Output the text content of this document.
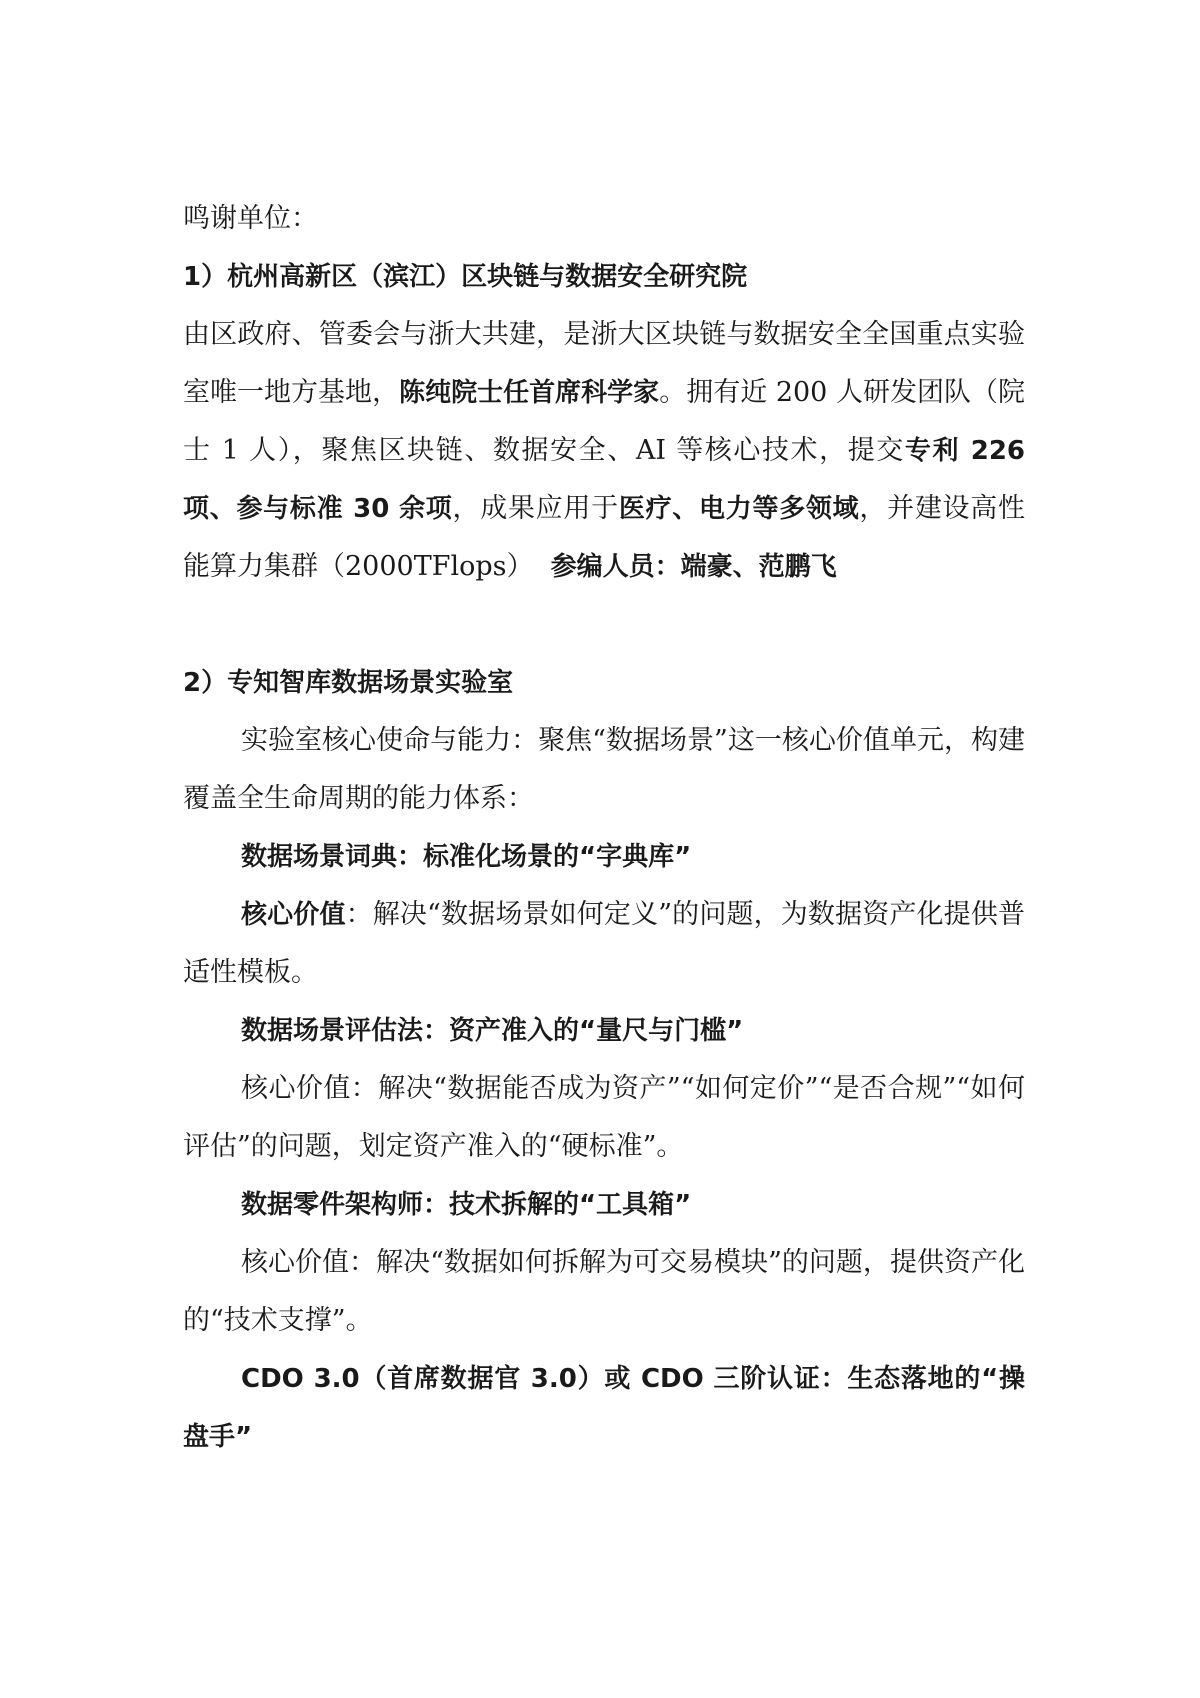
鸣谢单位：

1）杭州高新区（滨江）区块链与数据安全研究院

由区政府、管委会与浙大共建，是浙大区块链与数据安全全国重点实验室唯一地方基地，陈纯院士任首席科学家。拥有近 200 人研发团队（院士 1 人），聚焦区块链、数据安全、AI 等核心技术，提交专利 226 项、参与标准 30 余项，成果应用于医疗、电力等多领域，并建设高性能算力集群（2000TFlops） 参编人员：端豪、范鹏飞

2）专知智库数据场景实验室

实验室核心使命与能力：聚焦“数据场景”这一核心价值单元，构建覆盖全生命周期的能力体系：

数据场景词典：标准化场景的“字典库”

核心价值：解决“数据场景如何定义”的问题，为数据资产化提供普适性模板。

数据场景评估法：资产准入的“量尺与门槛”

核心价值：解决“数据能否成为资产”“如何定价”“是否合规”“如何评估”的问题，划定资产准入的“硬标准”。

数据零件架构师：技术拆解的“工具箱”

核心价值：解决“数据如何拆解为可交易模块”的问题，提供资产化的“技术支撑”。

CDO 3.0（首席数据官 3.0）或 CDO 三阶认证：生态落地的“操盘手”
